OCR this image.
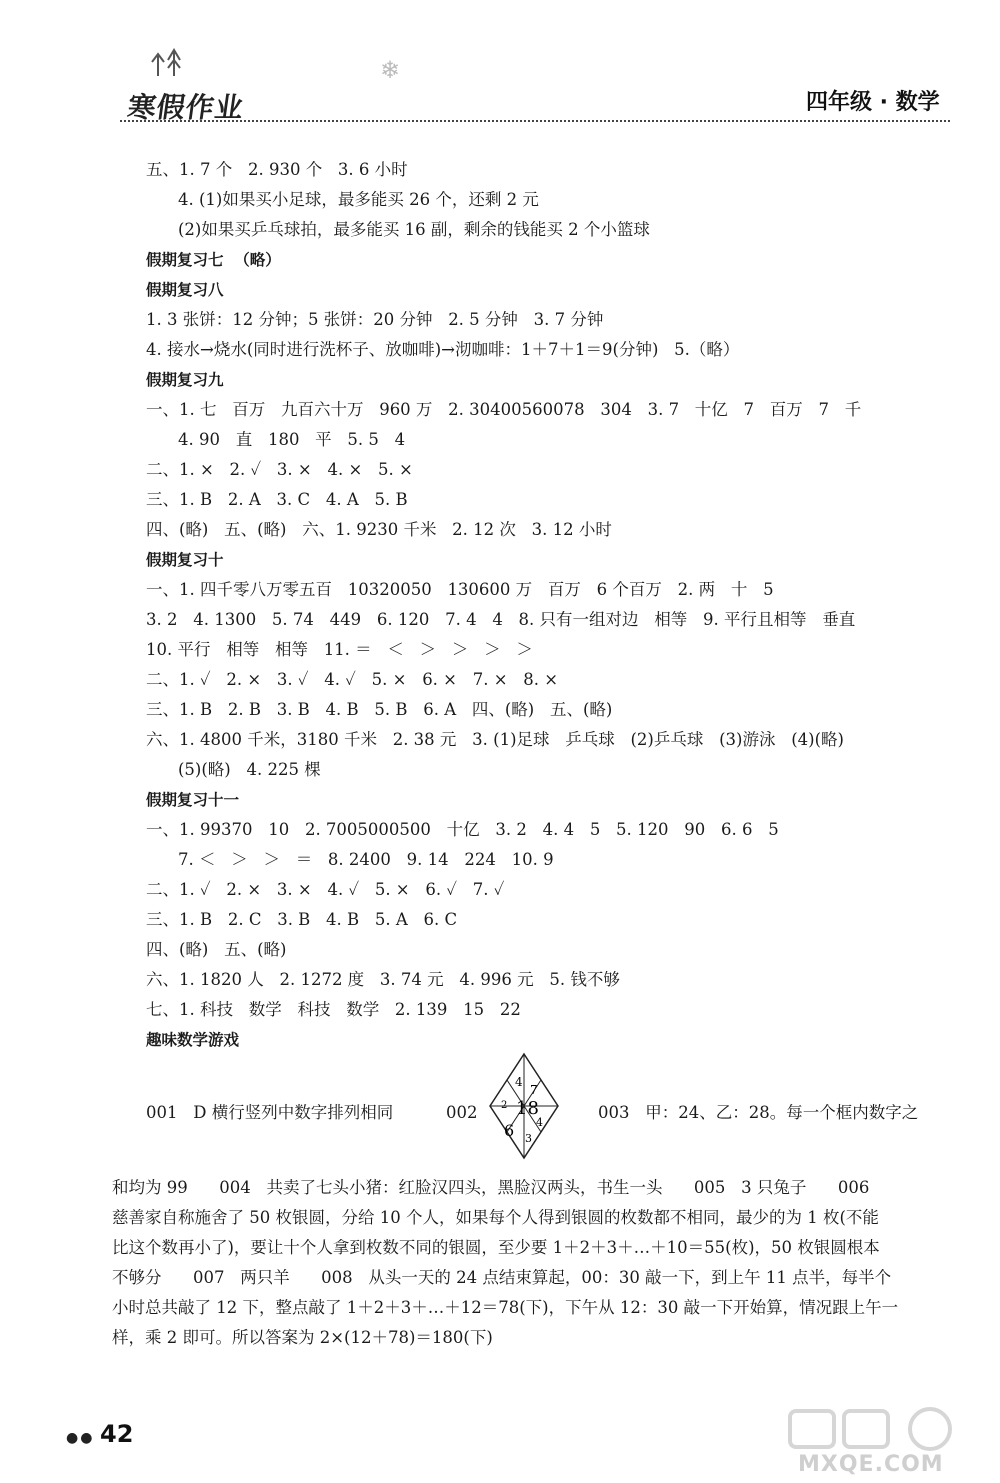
寒假作业
❄
四年级 · 数学
五、1. 7 个   2. 930 个   3. 6 小时
4. (1)如果买小足球，最多能买 26 个，还剩 2 元
(2)如果买乒乓球拍，最多能买 16 副，剩余的钱能买 2 个小篮球
假期复习七  （略）
假期复习八
1. 3 张饼：12 分钟；5 张饼：20 分钟   2. 5 分钟   3. 7 分钟
4. 接水→烧水(同时进行洗杯子、放咖啡)→沏咖啡：1＋7＋1＝9(分钟)   5.（略）
假期复习九
一、1. 七   百万   九百六十万   960 万   2. 30400560078   304   3. 7   十亿   7   百万   7   千
4. 90   直   180   平   5. 5   4
二、1. ×   2. ✓   3. ×   4. ×   5. ×
三、1. B   2. A   3. C   4. A   5. B
四、(略)   五、(略)   六、1. 9230 千米   2. 12 次   3. 12 小时
假期复习十
一、1. 四千零八万零五百   10320050   130600 万   百万   6 个百万   2. 两   十   5
3. 2   4. 1300   5. 74   449   6. 120   7. 4   4   8. 只有一组对边   相等   9. 平行且相等   垂直
10. 平行   相等   相等   11. ＝   ＜   ＞   ＞   ＞   ＞
二、1. ✓   2. ×   3. ✓   4. ✓   5. ×   6. ×   7. ×   8. ×
三、1. B   2. B   3. B   4. B   5. B   6. A   四、(略)   五、(略)
六、1. 4800 千米，3180 千米   2. 38 元   3. (1)足球   乒乓球   (2)乒乓球   (3)游泳   (4)(略)
(5)(略)   4. 225 棵
假期复习十一
一、1. 99370   10   2. 7005000500   十亿   3. 2   4. 4   5   5. 120   90   6. 6   5
7. ＜   ＞   ＞   ＝   8. 2400   9. 14   224   10. 9
二、1. ✓   2. ×   3. ×   4. ✓   5. ×   6. ✓   7. ✓
三、1. B   2. C   3. B   4. B   5. A   6. C
四、(略)   五、(略)
六、1. 1820 人   2. 1272 度   3. 74 元   4. 996 元   5. 钱不够
七、1. 科技   数学   科技   数学   2. 139   15   22
趣味数学游戏
001   D 横行竖列中数字排列相同	002
4
7
2 18
6 4
3
003   甲：24、乙：28。每一个框内数字之
和均为 99      004   共卖了七头小猪：红脸汉四头，黑脸汉两头，书生一头      005   3 只兔子      006
慈善家自称施舍了 50 枚银圆，分给 10 个人，如果每个人得到银圆的枚数都不相同，最少的为 1 枚(不能
比这个数再小了)，要让十个人拿到枚数不同的银圆，至少要 1＋2＋3＋…＋10＝55(枚)，50 枚银圆根本
不够分      007   两只羊      008   从头一天的 24 点结束算起，00：30 敲一下，到上午 11 点半，每半个
小时总共敲了 12 下，整点敲了 1＋2＋3＋…＋12＝78(下)，下午从 12：30 敲一下开始算，情况跟上午一
样，乘 2 即可。所以答案为 2×(12＋78)＝180(下)
●● 42
MXQE.COM
